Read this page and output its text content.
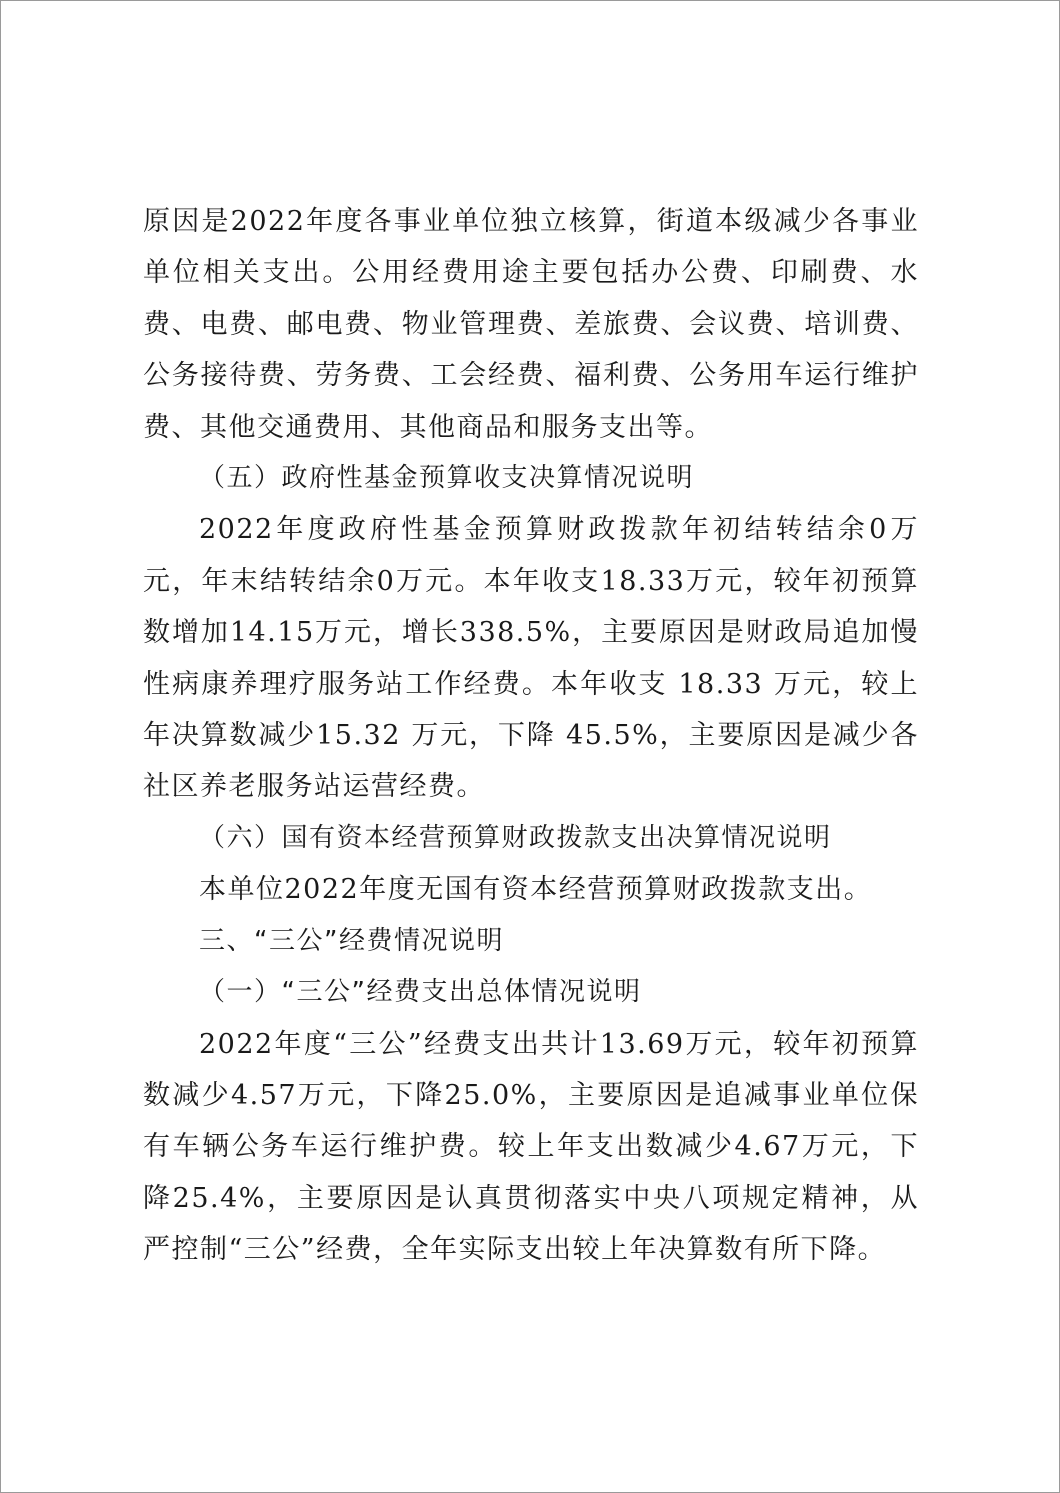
原因是2022年度各事业单位独立核算，街道本级减少各事业单位相关支出。公用经费用途主要包括办公费、印刷费、水费、电费、邮电费、物业管理费、差旅费、会议费、培训费、公务接待费、劳务费、工会经费、福利费、公务用车运行维护费、其他交通费用、其他商品和服务支出等。

（五）政府性基金预算收支决算情况说明

2022年度政府性基金预算财政拨款年初结转结余0万元，年末结转结余0万元。本年收支18.33万元，较年初预算数增加14.15万元，增长338.5%，主要原因是财政局追加慢性病康养理疗服务站工作经费。本年收支 18.33 万元，较上年决算数减少15.32 万元，下降 45.5%，主要原因是减少各社区养老服务站运营经费。

（六）国有资本经营预算财政拨款支出决算情况说明

本单位2022年度无国有资本经营预算财政拨款支出。

三、“三公”经费情况说明

（一）“三公”经费支出总体情况说明

2022年度“三公”经费支出共计13.69万元，较年初预算数减少4.57万元，下降25.0%，主要原因是追减事业单位保有车辆公务车运行维护费。较上年支出数减少4.67万元，下降25.4%，主要原因是认真贯彻落实中央八项规定精神，从严控制“三公”经费，全年实际支出较上年决算数有所下降。
